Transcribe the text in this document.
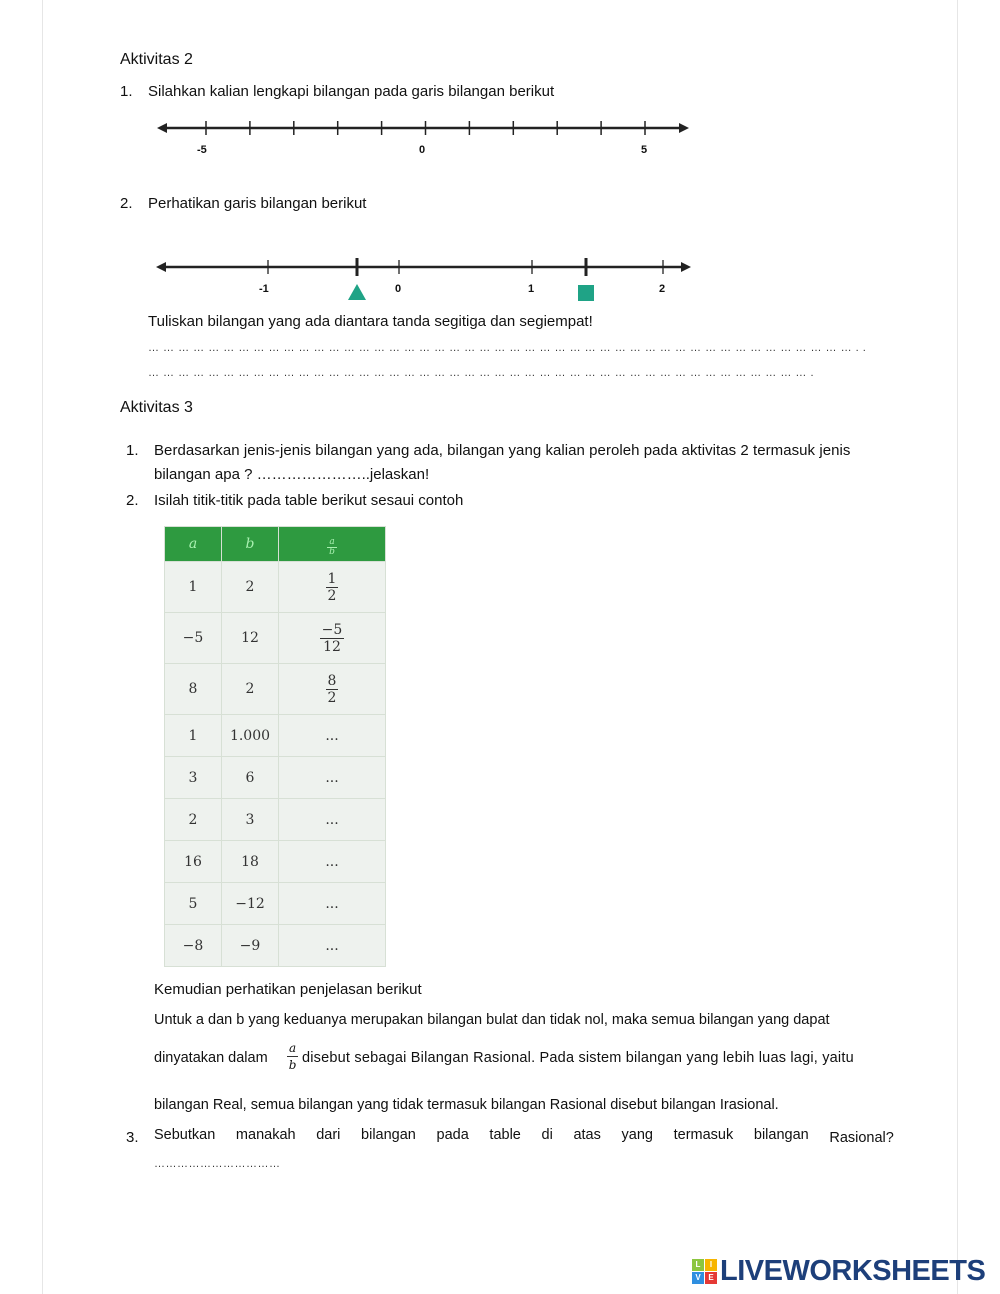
Aktivitas 2
1. Silahkan kalian lengkapi bilangan pada garis bilangan berikut
-5	0	5
2. Perhatikan garis bilangan berikut
-1	0	1	2
Tuliskan bilangan yang ada diantara tanda segitiga dan segiempat!
… … … … … … … … … … … … … … … … … … … … … … … … … … … … … … … … … … … … … … … … … … … … … … … . .
… … … … … … … … … … … … … … … … … … … … … … … … … … … … … … … … … … … … … … … … … … … … .
Aktivitas 3
1. Berdasarkan jenis-jenis bilangan yang ada, bilangan yang kalian peroleh pada aktivitas 2 termasuk jenis
bilangan apa ? …………………..jelaskan!
2. Isilah titik-titik pada table berikut sesaui contoh
a	b	$\frac{a}{b}$

1	2	$\frac{1}{2}$

−5	12	$\frac{-5}{12}$

8	2	$\frac{8}{2}$

1	1.000	...
3	6	...
2	3	...
16	18	...
5	−12	...
−8	−9	...
Kemudian perhatikan penjelasan berikut
Untuk a dan b yang keduanya merupakan bilangan bulat dan tidak nol, maka semua bilangan yang dapat
dinyatakan dalam $\frac{a}{b}$ disebut sebagai Bilangan Rasional. Pada sistem bilangan yang lebih luas lagi, yaitu
bilangan Real, semua bilangan yang tidak termasuk bilangan Rasional disebut bilangan Irasional.
3. Sebutkan manakah dari bilangan pada table di atas yang termasuk bilangan Rasional?
……………………………
L	I
V E LIVEWORKSHEETS
